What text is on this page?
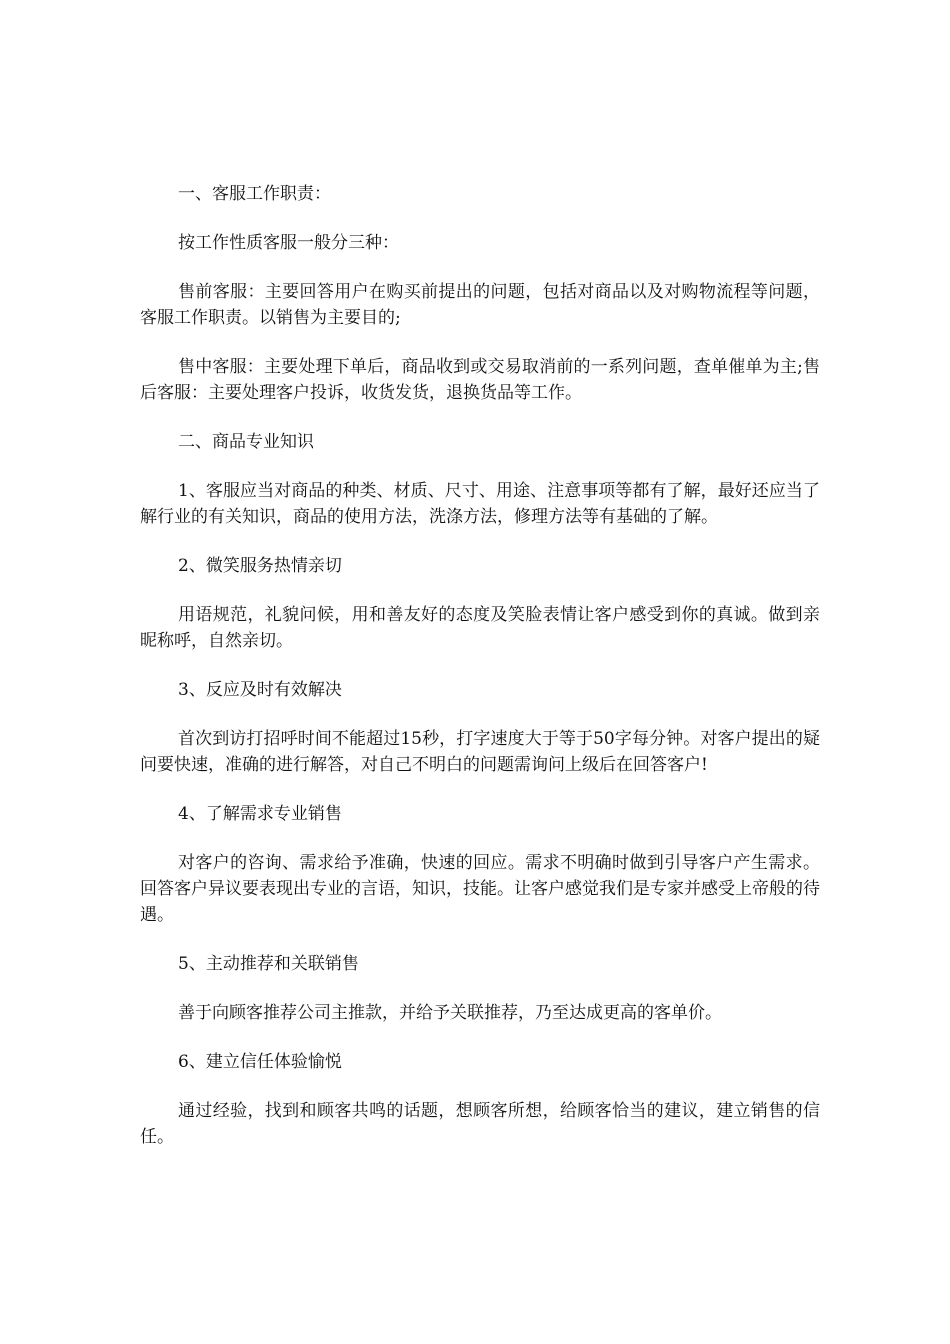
一、客服工作职责：

按工作性质客服一般分三种：

售前客服：主要回答用户在购买前提出的问题，包括对商品以及对购物流程等问题，客服工作职责。以销售为主要目的;

售中客服：主要处理下单后，商品收到或交易取消前的一系列问题，查单催单为主;售后客服：主要处理客户投诉，收货发货，退换货品等工作。

二、商品专业知识

1、客服应当对商品的种类、材质、尺寸、用途、注意事项等都有了解，最好还应当了解行业的有关知识，商品的使用方法，洗涤方法，修理方法等有基础的了解。

2、微笑服务热情亲切

用语规范，礼貌问候，用和善友好的态度及笑脸表情让客户感受到你的真诚。做到亲昵称呼，自然亲切。

3、反应及时有效解决

首次到访打招呼时间不能超过15秒，打字速度大于等于50字每分钟。对客户提出的疑问要快速，准确的进行解答，对自己不明白的问题需询问上级后在回答客户!

4、了解需求专业销售

对客户的咨询、需求给予准确，快速的回应。需求不明确时做到引导客户产生需求。回答客户异议要表现出专业的言语，知识，技能。让客户感觉我们是专家并感受上帝般的待遇。

5、主动推荐和关联销售

善于向顾客推荐公司主推款，并给予关联推荐，乃至达成更高的客单价。

6、建立信任体验愉悦

通过经验，找到和顾客共鸣的话题，想顾客所想，给顾客恰当的建议，建立销售的信任。
